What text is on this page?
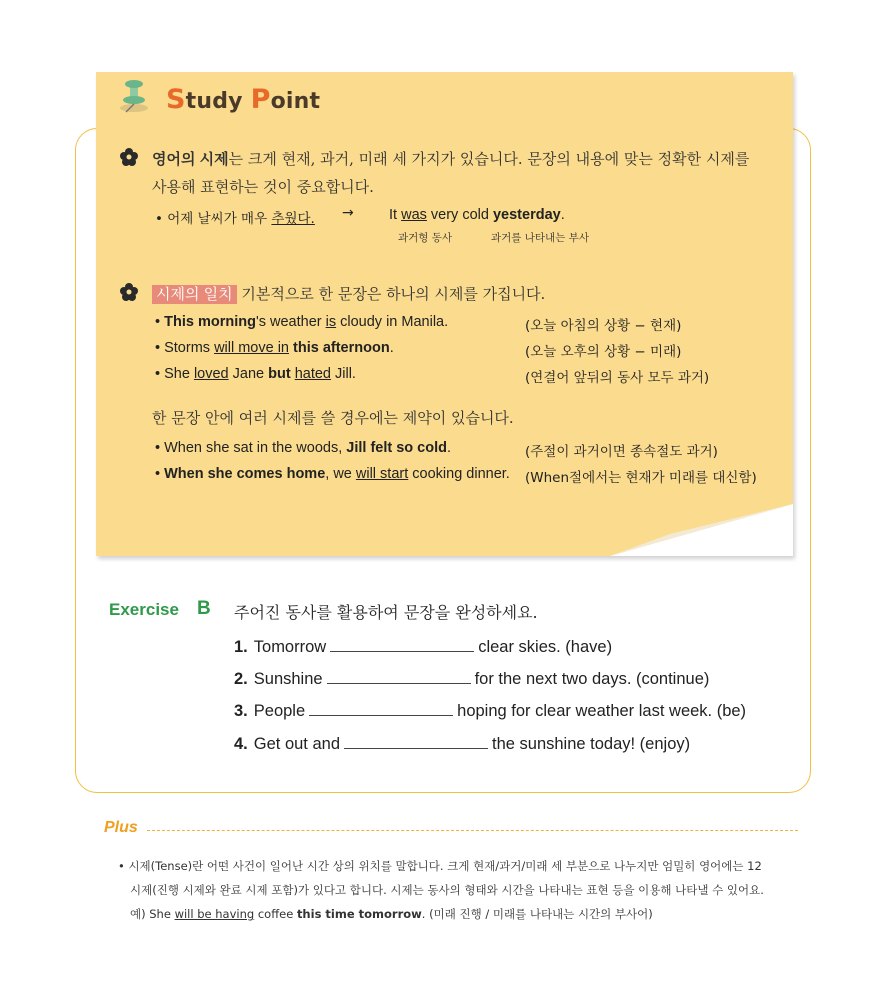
Study Point
영어의 시제는 크게 현재, 과거, 미래 세 가지가 있습니다. 문장의 내용에 맞는 정확한 시제를
사용해 표현하는 것이 중요합니다.
• 어제 날씨가 매우 추웠다. → It was very cold yesterday.
과거형 동사	과거를 나타내는 부사
시제의 일치 기본적으로 한 문장은 하나의 시제를 가집니다.
• This morning's weather is cloudy in Manila.	(오늘 아침의 상황 − 현재)
• Storms will move in this afternoon.	(오늘 오후의 상황 − 미래)
• She loved Jane but hated Jill.	(연결어 앞뒤의 동사 모두 과거)
한 문장 안에 여러 시제를 쓸 경우에는 제약이 있습니다.
• When she sat in the woods, Jill felt so cold.	(주절이 과거이면 종속절도 과거)
• When she comes home, we will start cooking dinner. (When절에서는 현재가 미래를 대신함)
Exercise B 주어진 동사를 활용하여 문장을 완성하세요.
1. Tomorrow	clear skies. (have)
2. Sunshine	for the next two days. (continue)
3. People	hoping for clear weather last week. (be)
4. Get out and	the sunshine today! (enjoy)
Plus
• 시제(Tense)란 어떤 사건이 일어난 시간 상의 위치를 말합니다. 크게 현재/과거/미래 세 부분으로 나누지만 엄밀히 영어에는 12
시제(진행 시제와 완료 시제 포함)가 있다고 합니다. 시제는 동사의 형태와 시간을 나타내는 표현 등을 이용해 나타낼 수 있어요.
예) She will be having coffee this time tomorrow. (미래 진행 / 미래를 나타내는 시간의 부사어)
